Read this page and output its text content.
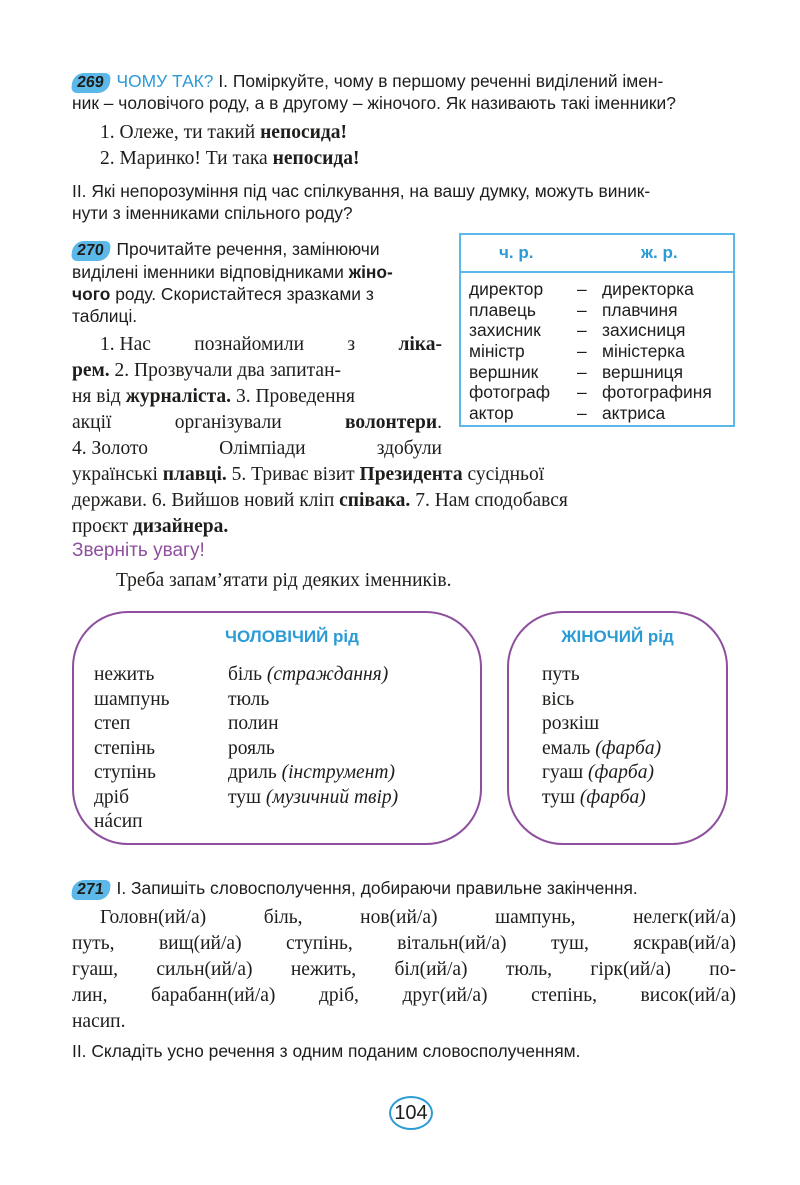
269 ЧОМУ ТАК? І. Поміркуйте, чому в першому реченні виділений імен-
ник – чоловічого роду, а в другому – жіночого. Як називають такі іменники?
1. Олеже, ти такий непосида!
2. Маринко! Ти така непосида!
ІІ. Які непорозуміння під час спілкування, на вашу думку, можуть виник-
нути з іменниками спільного роду?
270 Прочитайте речення, замінюючи
виділені іменники відповідниками жіно-
чого роду. Скористайтеся зразками з
таблиці.
ч. р.	ж. р.
директор – директорка
плавець – плавчиня
захисник – захисниця
міністр	– міністерка
вершник – вершниця
фотограф – фотографиня
актор	– актриса
1. Нас познайомили з ліка-
рем. 2. Прозвучали два запитан-
ня від журналіста. 3. Проведення
акції	організували	волонтери.
4. Золото	Олімпіади	здобули
українські плавці. 5. Триває візит Президента сусідньої
держави. 6. Вийшов новий кліп співака. 7. Нам сподобався
проєкт дизайнера.
Зверніть увагу!
Треба запам’ятати рід деяких іменників.
ЧОЛОВІЧИЙ рід
нежить
шампунь
степ
степінь
ступінь
дріб
нáсип
біль (страждання)
тюль
полин
рояль
дриль (інструмент)
туш (музичний твір)
ЖІНОЧИЙ рід
путь
вісь
розкіш
емаль (фарба)
гуаш (фарба)
туш (фарба)
271 І. Запишіть словосполучення, добираючи правильне закінчення.
Головн(ий/а)	біль,	нов(ий/а)	шампунь,	нелегк(ий/а)
путь, вищ(ий/а) ступінь, вітальн(ий/а) туш, яскрав(ий/а)
гуаш, сильн(ий/а) нежить, біл(ий/а) тюль, гірк(ий/а) по-
лин, барабанн(ий/а) дріб, друг(ий/а) степінь, висок(ий/а)
насип.
ІІ. Складіть усно речення з одним поданим словосполученням.
104
